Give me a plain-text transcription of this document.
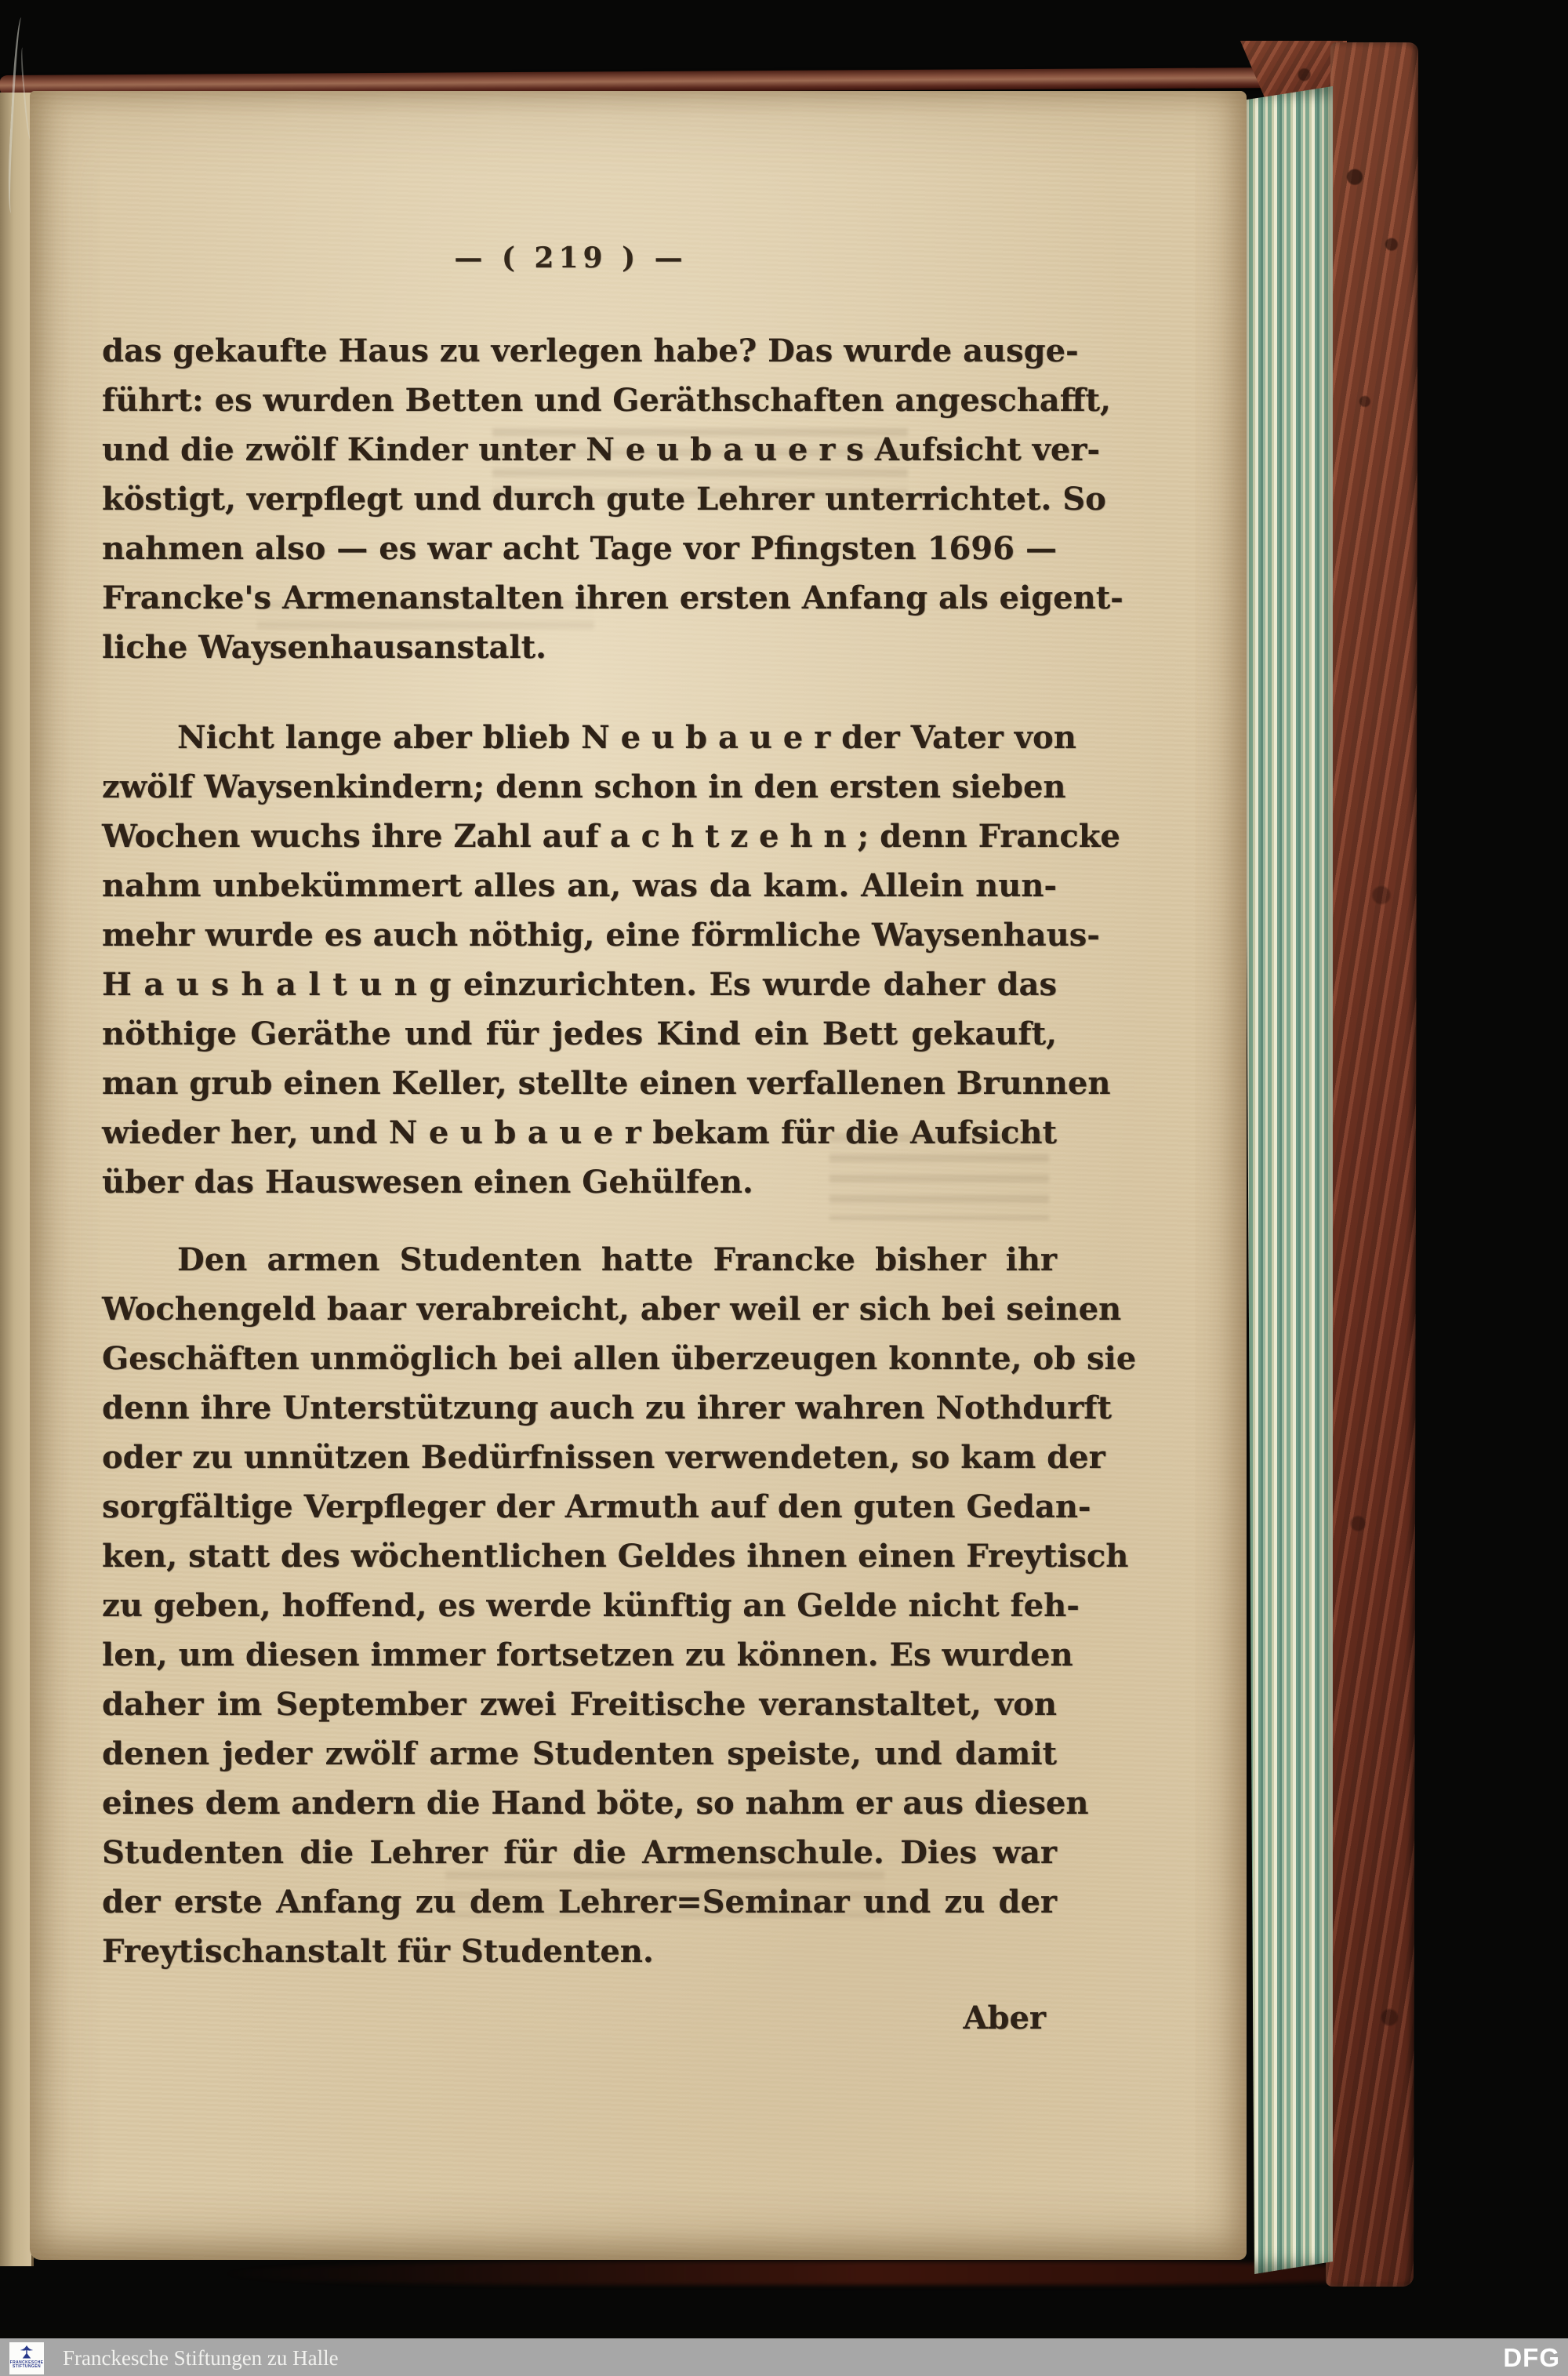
— ( 219 ) —
das gekaufte Haus zu verlegen habe? Das wurde ausge-
führt: es wurden Betten und Geräthschaften angeschafft,
und die zwölf Kinder unter N e u b a u e r s Aufsicht ver-
köstigt, verpflegt und durch gute Lehrer unterrichtet. So
nahmen also — es war acht Tage vor Pfingsten 1696 —
Francke's Armenanstalten ihren ersten Anfang als eigent-
liche Waysenhausanstalt.
Nicht lange aber blieb N e u b a u e r der Vater von
zwölf Waysenkindern; denn schon in den ersten sieben
Wochen wuchs ihre Zahl auf a c h t z e h n ; denn Francke
nahm unbekümmert alles an, was da kam. Allein nun-
mehr wurde es auch nöthig, eine förmliche Waysenhaus-
H a u s h a l t u n g einzurichten. Es wurde daher das
nöthige Geräthe und für jedes Kind ein Bett gekauft,
man grub einen Keller, stellte einen verfallenen Brunnen
wieder her, und N e u b a u e r bekam für die Aufsicht
über das Hauswesen einen Gehülfen.
Den armen Studenten hatte Francke bisher ihr
Wochengeld baar verabreicht, aber weil er sich bei seinen
Geschäften unmöglich bei allen überzeugen konnte, ob sie
denn ihre Unterstützung auch zu ihrer wahren Nothdurft
oder zu unnützen Bedürfnissen verwendeten, so kam der
sorgfältige Verpfleger der Armuth auf den guten Gedan-
ken, statt des wöchentlichen Geldes ihnen einen Freytisch
zu geben, hoffend, es werde künftig an Gelde nicht feh-
len, um diesen immer fortsetzen zu können. Es wurden
daher im September zwei Freitische veranstaltet, von
denen jeder zwölf arme Studenten speiste, und damit
eines dem andern die Hand böte, so nahm er aus diesen
Studenten die Lehrer für die Armenschule. Dies war
der erste Anfang zu dem Lehrer=Seminar und zu der
Freytischanstalt für Studenten.
Aber
FRANCKESCHE
STIFTUNGEN Franckesche Stiftungen zu Halle	DFG
